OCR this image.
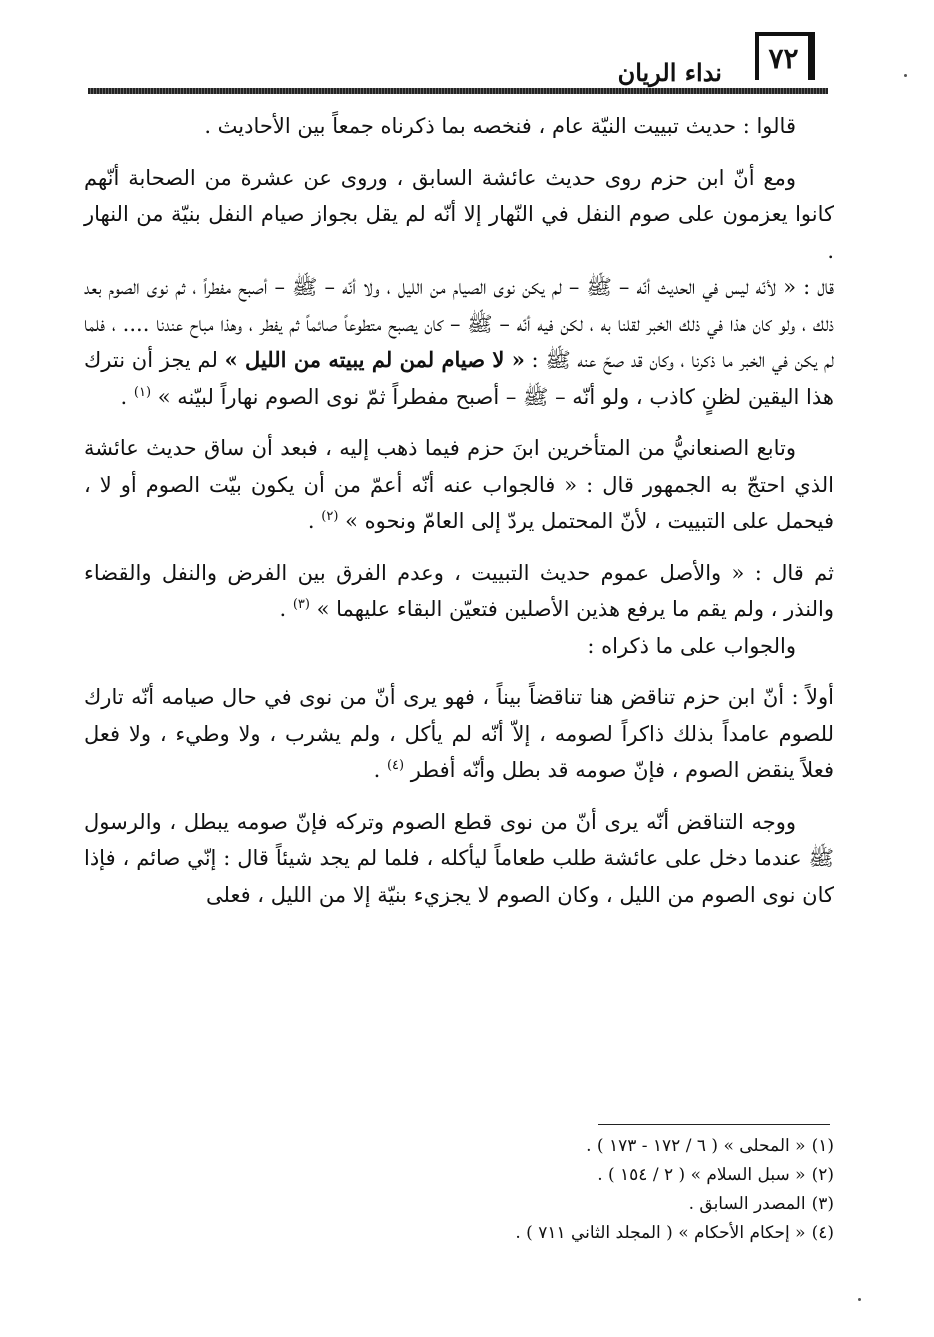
٧٢
نداء الريان

قالوا : حديث تبييت النيّة عام ، فنخصه بما ذكرناه جمعاً بين الأحاديث .

ومع أنّ ابن حزم روى حديث عائشة السابق ، وروى عن عشرة من الصحابة أنّهم كانوا يعزمون على صوم النفل في النّهار إلا أنّه لم يقل بجواز صيام النفل بنيّة من النهار .

قال : « لأنّه ليس في الحديث أنّه – ﷺ – لم يكن نوى الصيام من الليل ، ولا أنّه – ﷺ – أصبح مفطراً ، ثم نوى الصوم بعد ذلك ، ولو كان هذا في ذلك الخبر لقلنا به ، لكن فيه أنّه – ﷺ – كان يصبح متطوعاً صائماً ثم يفطر ، وهذا مباح عندنا .... ، فلما لم يكن في الخبر ما ذكرنا ، وكان قد صحّ عنه ﷺ : « لا صيام لمن لم يبيته من الليل » لم يجز أن نترك هذا اليقين لظنٍ كاذب ، ولو أنّه – ﷺ – أصبح مفطراً ثمّ نوى الصوم نهاراً لبيّنه » $^{(١)}$ .

وتابع الصنعانيُّ من المتأخرين ابنَ حزم فيما ذهب إليه ، فبعد أن ساق حديث عائشة الذي احتجّ به الجمهور قال : « فالجواب عنه أنّه أعمّ من أن يكون بيّت الصوم أو لا ، فيحمل على التبييت ، لأنّ المحتمل يردّ إلى العامّ ونحوه » $^{(٢)}$ .

ثم قال : « والأصل عموم حديث التبييت ، وعدم الفرق بين الفرض والنفل والقضاء والنذر ، ولم يقم ما يرفع هذين الأصلين فتعيّن البقاء عليهما » $^{(٣)}$ .

والجواب على ما ذكراه :

أولاً : أنّ ابن حزم تناقض هنا تناقضاً بيناً ، فهو يرى أنّ من نوى في حال صيامه أنّه تارك للصوم عامداً بذلك ذاكراً لصومه ، إلاّ أنّه لم يأكل ، ولم يشرب ، ولا وطيء ، ولا فعل فعلاً ينقض الصوم ، فإنّ صومه قد بطل وأنّه أفطر $^{(٤)}$ .

ووجه التناقض أنّه يرى أنّ من نوى قطع الصوم وتركه فإنّ صومه يبطل ، والرسول ﷺ عندما دخل على عائشة طلب طعاماً ليأكله ، فلما لم يجد شيئاً قال : إنّي صائم ، فإذا كان نوى الصوم من الليل ، وكان الصوم لا يجزيء بنيّة إلا من الليل ، فعلى

(١)« المحلى » ( ٦ / ١٧٢ - ١٧٣ ) .

(٢)« سبل السلام » ( ٢ / ١٥٤ ) .

(٣)المصدر السابق .

(٤)« إحكام الأحكام » ( المجلد الثاني ٧١١ ) .
